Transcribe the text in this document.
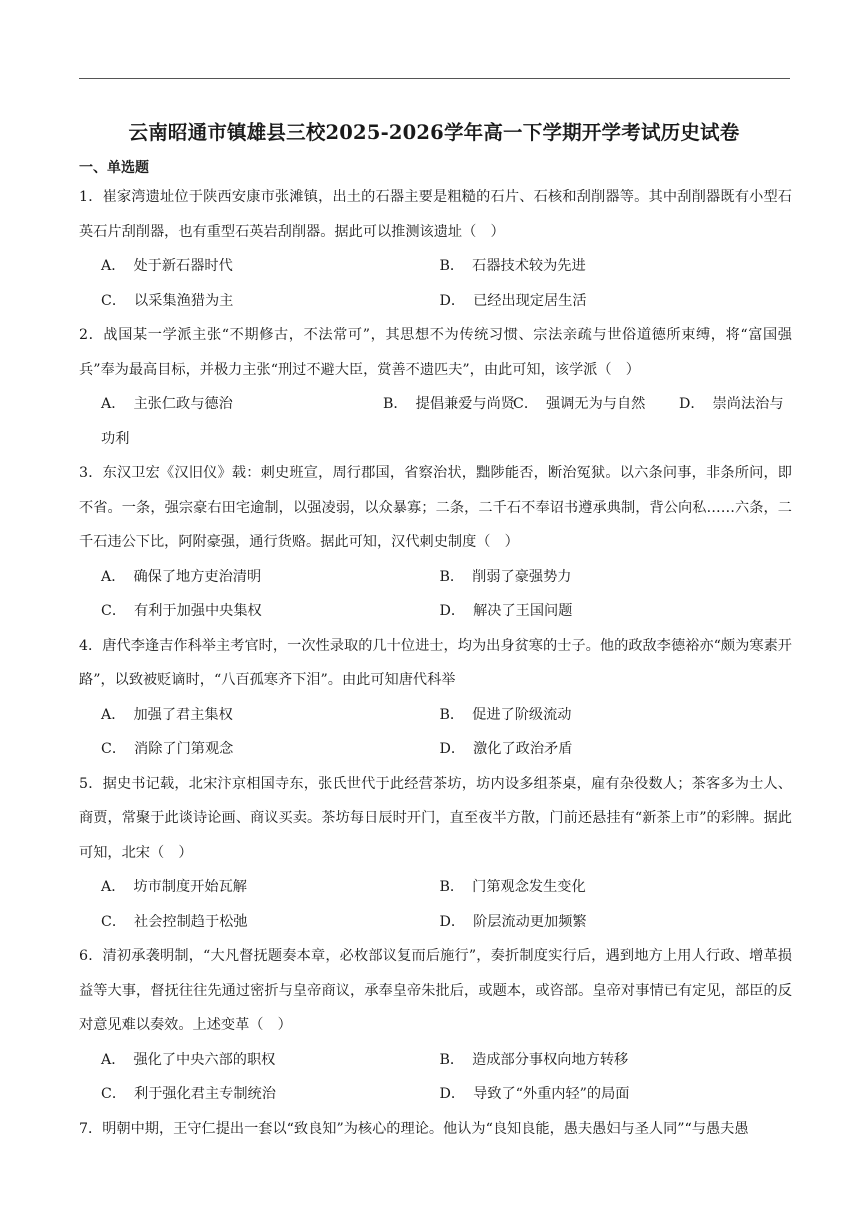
云南昭通市镇雄县三校2025-2026学年高一下学期开学考试历史试卷
一、单选题

1．崔家湾遗址位于陕西安康市张滩镇，出土的石器主要是粗糙的石片、石核和刮削器等。其中刮削器既有小型石英石片刮削器，也有重型石英岩刮削器。据此可以推测该遗址（　）

A． 处于新石器时代	B． 石器技术较为先进
C． 以采集渔猎为主	D． 已经出现定居生活

2．战国某一学派主张“不期修古，不法常可”，其思想不为传统习惯、宗法亲疏与世俗道德所束缚，将“富国强兵”奉为最高目标，并极力主张“刑过不避大臣，赏善不遗匹夫”，由此可知，该学派（　）

A． 主张仁政与德治	B． 提倡兼爱与尚贤
C． 强调无为与自然	D． 崇尚法治与
功利

3．东汉卫宏《汉旧仪》载：刺史班宣，周行郡国，省察治状，黜陟能否，断治冤狱。以六条问事，非条所问，即不省。一条，强宗豪右田宅逾制，以强凌弱，以众暴寡；二条，二千石不奉诏书遵承典制，背公向私……六条，二千石违公下比，阿附豪强，通行货赂。据此可知，汉代刺史制度（　）

A． 确保了地方吏治清明	B． 削弱了豪强势力
C． 有利于加强中央集权	D． 解决了王国问题

4．唐代李逢吉作科举主考官时，一次性录取的几十位进士，均为出身贫寒的士子。他的政敌李德裕亦“颇为寒素开路”，以致被贬谪时，“八百孤寒齐下泪”。由此可知唐代科举

A． 加强了君主集权	B． 促进了阶级流动
C． 消除了门第观念	D． 激化了政治矛盾

5．据史书记载，北宋汴京相国寺东，张氏世代于此经营茶坊，坊内设多组茶桌，雇有杂役数人；茶客多为士人、商贾，常聚于此谈诗论画、商议买卖。茶坊每日辰时开门，直至夜半方散，门前还悬挂有“新茶上市”的彩牌。据此可知，北宋（　）

A． 坊市制度开始瓦解	B． 门第观念发生变化
C． 社会控制趋于松弛	D． 阶层流动更加频繁

6．清初承袭明制，“大凡督抚题奏本章，必枚部议复而后施行”，奏折制度实行后，遇到地方上用人行政、增革损益等大事，督抚往往先通过密折与皇帝商议，承奉皇帝朱批后，或题本，或咨部。皇帝对事情已有定见，部臣的反对意见难以奏效。上述变革（　）

A． 强化了中央六部的职权	B． 造成部分事权向地方转移
C． 利于强化君主专制统治	D． 导致了“外重内轻”的局面

7．明朝中期，王守仁提出一套以“致良知”为核心的理论。他认为“良知良能，愚夫愚妇与圣人同”“与愚夫愚
